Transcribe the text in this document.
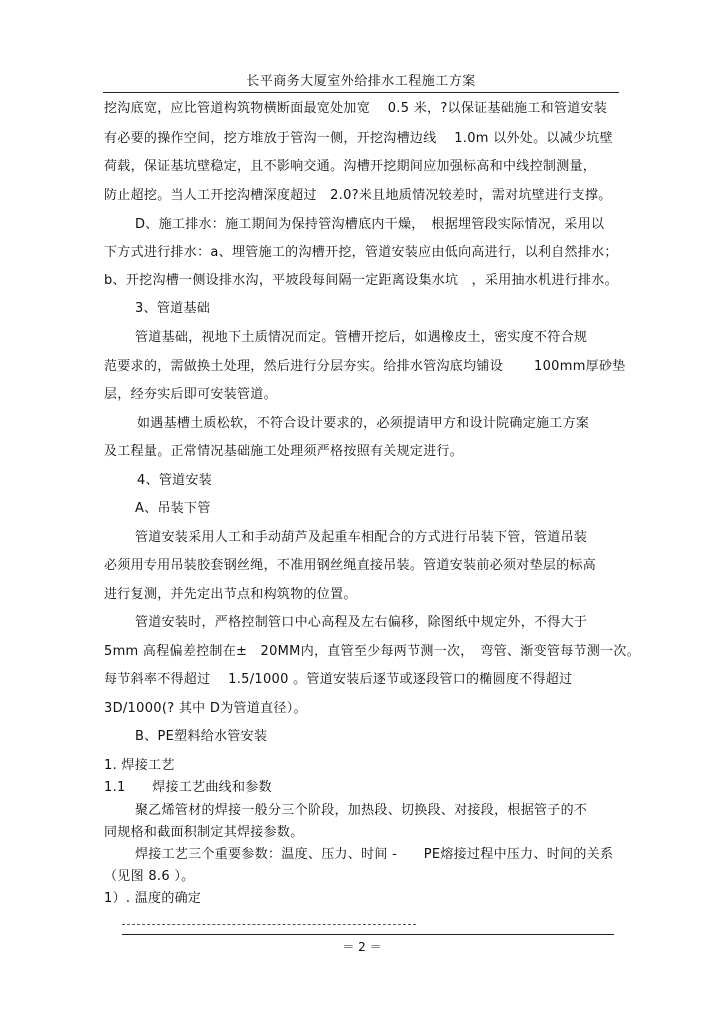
长平商务大厦室外给排水工程施工方案
挖沟底宽，应比管道构筑物横断面最宽处加宽　 0.5 米，?以保证基础施工和管道安装
有必要的操作空间，挖方堆放于管沟一侧，开挖沟槽边线　 1.0m 以外处。以减少坑壁
荷载，保证基坑壁稳定，且不影响交通。沟槽开挖期间应加强标高和中线控制测量，
防止超挖。当人工开挖沟槽深度超过　2.0?米且地质情况较差时，需对坑壁进行支撑。
D、施工排水：施工期间为保持管沟槽底内干燥，　根据埋管段实际情况，采用以
下方式进行排水：a、埋管施工的沟槽开挖，管道安装应由低向高进行，以利自然排水；
b、开挖沟槽一侧设排水沟，平坡段每间隔一定距离设集水坑　，采用抽水机进行排水。
3、管道基础
管道基础，视地下土质情况而定。管槽开挖后，如遇橡皮土，密实度不符合规
范要求的，需做换土处理，然后进行分层夯实。给排水管沟底均铺设　　 100mm厚砂垫
层，经夯实后即可安装管道。
如遇基槽土质松软，不符合设计要求的，必须提请甲方和设计院确定施工方案
及工程量。正常情况基础施工处理须严格按照有关规定进行。
4、管道安装
A、吊装下管
管道安装采用人工和手动葫芦及起重车相配合的方式进行吊装下管，管道吊装
必须用专用吊装胶套钢丝绳，不准用钢丝绳直接吊装。管道安装前必须对垫层的标高
进行复测，并先定出节点和构筑物的位置。
管道安装时，严格控制管口中心高程及左右偏移，除图纸中规定外，不得大于
5mm 高程偏差控制在±　20MM内，直管至少每两节测一次，　弯管、渐变管每节测一次。
每节斜率不得超过　 1.5/1000 。管道安装后逐节或逐段管口的椭圆度不得超过
3D/1000(? 其中 D为管道直径）。
B、PE塑料给水管安装
1. 焊接工艺
1.1　　焊接工艺曲线和参数
聚乙烯管材的焊接一般分三个阶段，加热段、切换段、对接段，根据管子的不
同规格和截面积制定其焊接参数。
焊接工艺三个重要参数：温度、压力、时间 -　　PE熔接过程中压力、时间的关系
（见图 8.6 ）。
1）. 温度的确定
＝ 2 ＝
